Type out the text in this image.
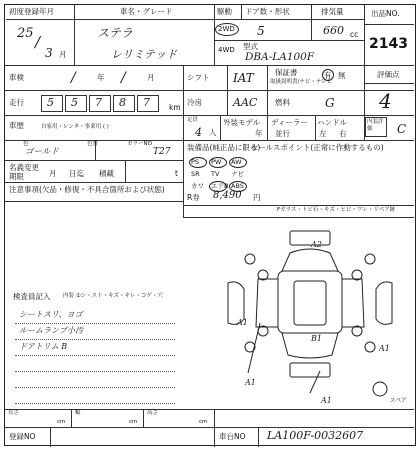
初度登録年月
25 /
3 月
車名・グレード
ステラ
レリミテッド
駆動
2WD
4WD
ドア数・形状
5
排気量
660 cc
型式
DBA-LA100F
出品NO.
2143
車検	/	年 /	月	シフト IAT	保証書
取扱説明書/ナビ・テレビ
有 無	評価点
4
走行 5 5 7 8 7	km
冷房	AAC 燃料	G
車歴	自家用・レンタ・事業用 ( )
定員
4 人
外装モデル
年
ディーラー
並行
ハンドル
左 右
内装評価	C
色
ゴールド
色替	カラーNO
T27
名義変更期限	月 日迄 積載	t
注意事項(欠品・修復・不具合箇所および状態)
装備品(純正品に限る)
PS PW AW
SR TV ナビ
カワ エアB ABS
R券 8,490 円
セールスポイント(正常に作動するもの)
Fガラス・トビ石・キズ・ヒビ・ワレ・リペア跡
検査員記入 内装 ②シ・スト・キズ・キレ・コゲ・穴
シートスリ、ヨゴ
ルームランプ小汚
ドアトリム B
A2
A1
B1
A1
A1
A1	スペア
長さ
cm
幅
cm
高さ
cm
登録NO	車台NO LA100F-0032607
